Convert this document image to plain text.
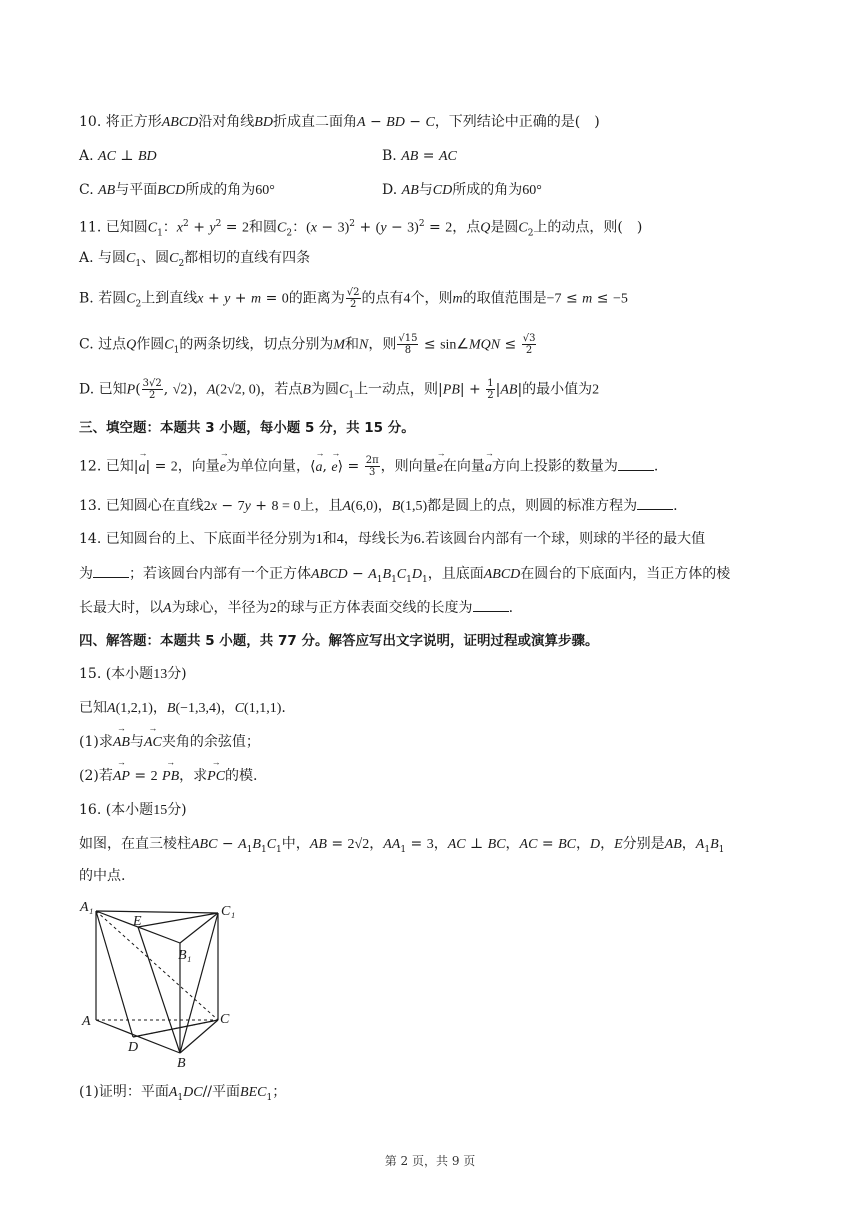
10. 将正方形ABCD沿对角线BD折成直二面角A − BD − C，下列结论中正确的是(　)
A. AC ⊥ BD	B. AB = AC
C. AB与平面BCD所成的角为60°	D. AB与CD所成的角为60°
11. 已知圆$C_1$：$x^2 + y^2 = 2$和圆$C_2$：$(x - 3)^2 + (y - 3)^2 = 2$，点Q是圆$C_2$上的动点，则(　)
A. 与圆$C_1$、圆$C_2$都相切的直线有四条
B. 若圆$C_2$上到直线x + y + m = 0的距离为 $\frac{√2}{2}$ 的点有4个，则m的取值范围是−7 ≤ m ≤ −5
C. 过点Q作圆$C_1$的两条切线，切点分别为M和N，则 $\frac{√15}{8}$ ≤ sin∠MQN ≤ $\frac{√3}{2}$
D. 已知$P( \frac{3√2}{2}$ , √2)，A(2√2, 0)，若点B为圆$C_1$上一动点，则$|PB| + \frac{1}{2} |AB|$的最小值为2
三、填空题：本题共 3 小题，每小题 5 分，共 15 分。
12. 已知|→ a| = 2，向量→ e为单位向量，⟨→ a, → e⟩ = $\frac{2\pi}{3}$ ，则向量→ e在向量→ a方向上投影的数量为	.
13. 已知圆心在直线2x − 7y + 8 = 0上，且A(6,0)，B(1,5)都是圆上的点，则圆的标准方程为	.
14. 已知圆台的上、下底面半径分别为1和4，母线长为6.若该圆台内部有一个球，则球的半径的最大值
为	；若该圆台内部有一个正方体ABCD − $A_1B_1C_1D_1$，且底面ABCD在圆台的下底面内，当正方体的棱
长最大时，以A为球心，半径为2的球与正方体表面交线的长度为	.
四、解答题：本题共 5 小题，共 77 分。解答应写出文字说明，证明过程或演算步骤。
15. (本小题13分)
已知A(1,2,1)，B(−1,3,4)，C(1,1,1).
(1)求→ AB与→ AC夹角的余弦值；
(2)若→ AP = 2 → PB，求→ PC的模.
16. (本小题15分)
如图，在直三棱柱ABC − $A_1B_1C_1$中，AB = 2√2，$AA_1 = 3$，AC ⊥ BC，AC = BC，D，E分别是AB，$A_1B_1$
的中点.
A₁
E
C₁
B₁
A	C
D
B
(1)证明：平面$A_1DC//$平面$BEC_1$；
第 2 页，共 9 页
